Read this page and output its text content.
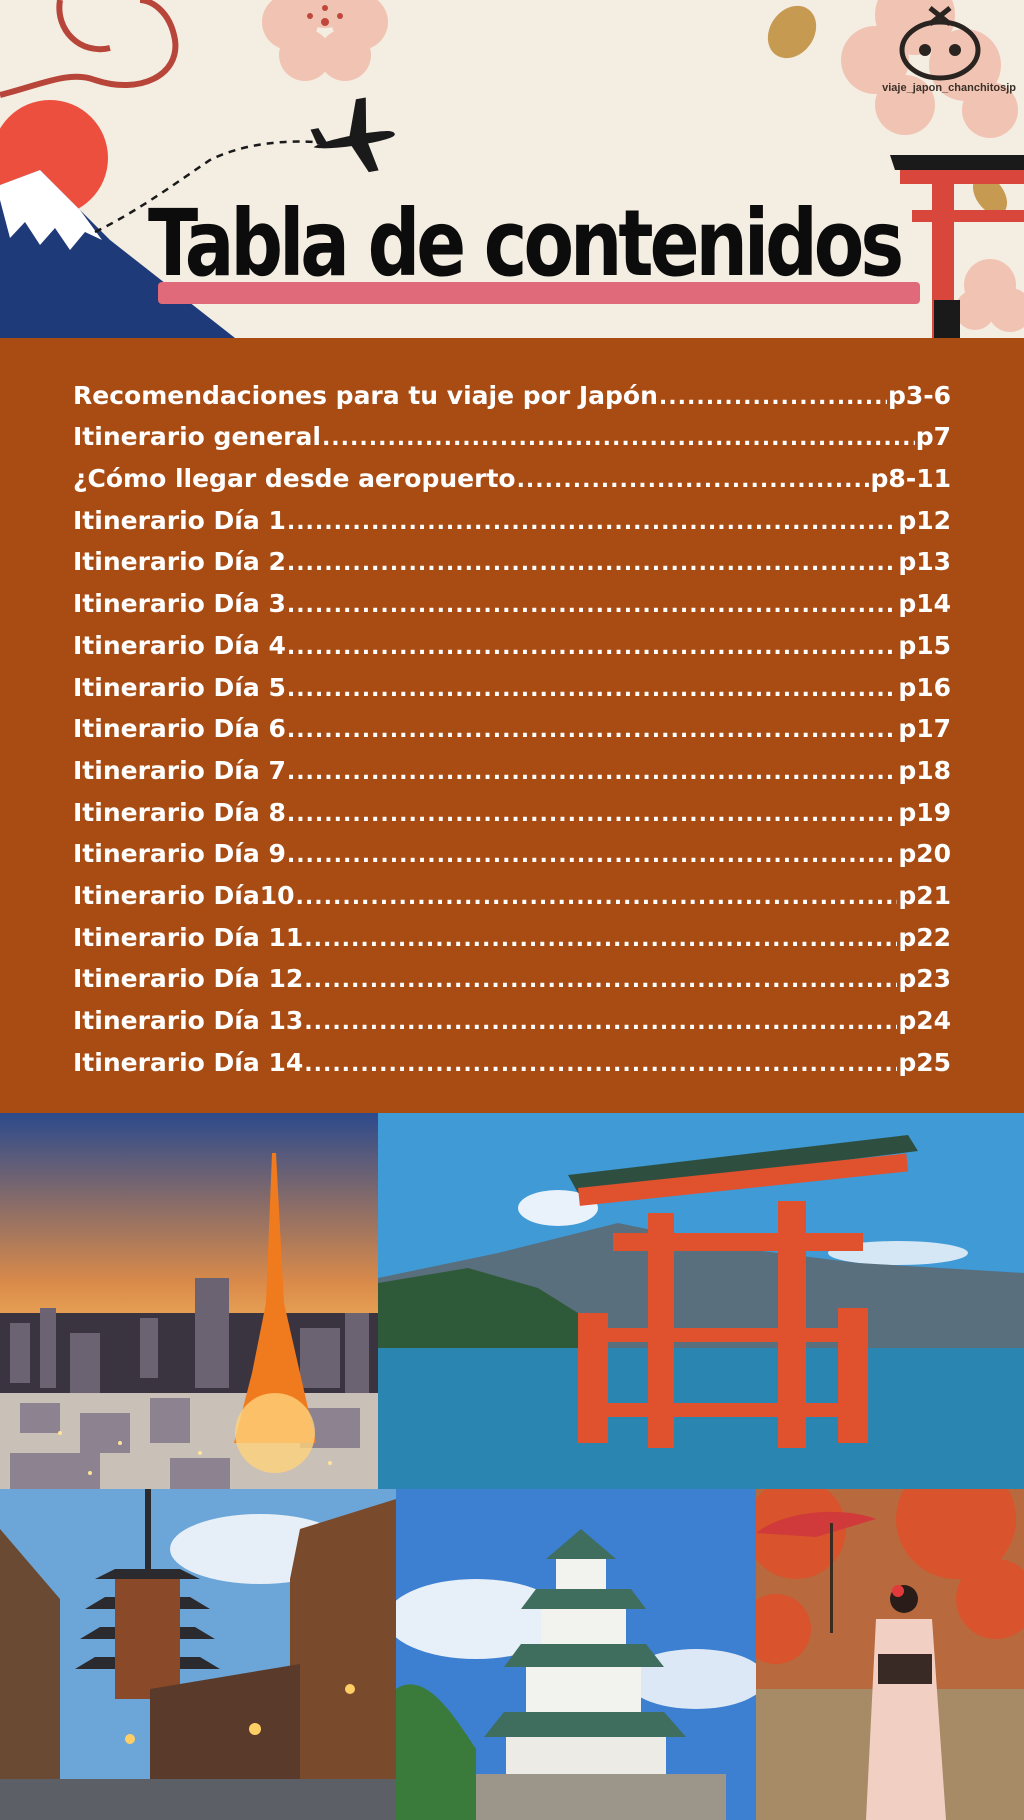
Tabla de contenidos
viaje_japon_chanchitosjp
Recomendaciones para tu viaje por Japón .....	p3-6
Itinerario general .....	p7
¿Cómo llegar desde aeropuerto .....	p8-11
Itinerario Día 1 .....	p12
Itinerario Día 2 .....	p13
Itinerario Día 3 .....	p14
Itinerario Día 4 .....	p15
Itinerario Día 5 .....	p16
Itinerario Día 6 .....	p17
Itinerario Día 7 .....	p18
Itinerario Día 8 .....	p19
Itinerario Día 9 .....	p20
Itinerario Día10 .....	p21
Itinerario Día 11 .....	p22
Itinerario Día 12 .....	p23
Itinerario Día 13 .....	p24
Itinerario Día 14 .....	p25
